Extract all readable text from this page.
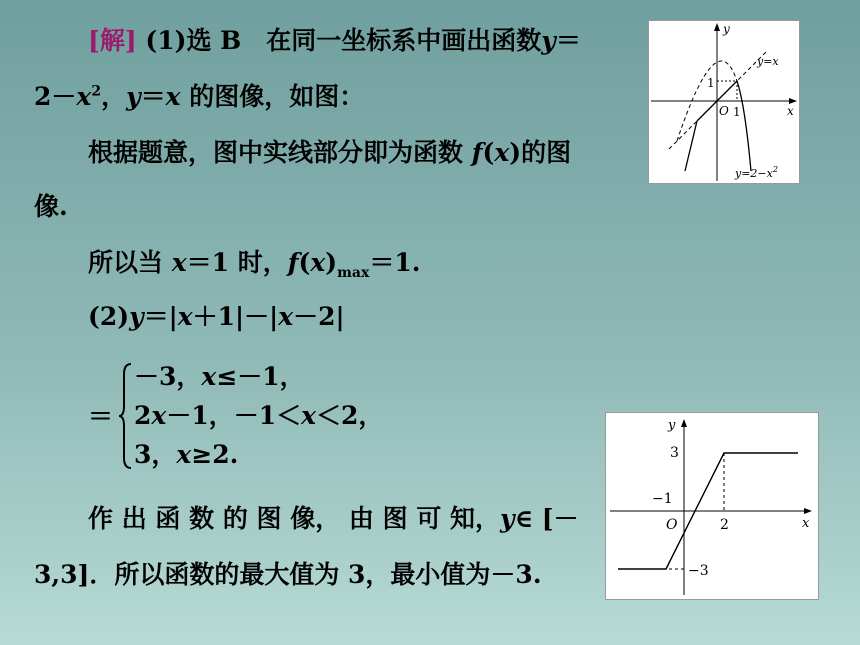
[解] (1)选 B　在同一坐标系中画出函数y＝
$2-x^2$，y＝x 的图像，如图：
根据题意，图中实线部分即为函数 f(x)的图
像.
所以当 x＝1 时，$f(x)_{max}=1$.
(2)y＝|x＋1|－|x－2|
＝
－3，x≤－1，
2x－1，－1＜x＜2，
3，x≥2.
作 出 函 数 的 图 像， 由 图 可 知，y∈ [－
3,3]．所以函数的最大值为 3，最小值为－3.
x
y
O 1
1
y=x
$y=2-x^2$
x
y
O	2
3
−1
−3
